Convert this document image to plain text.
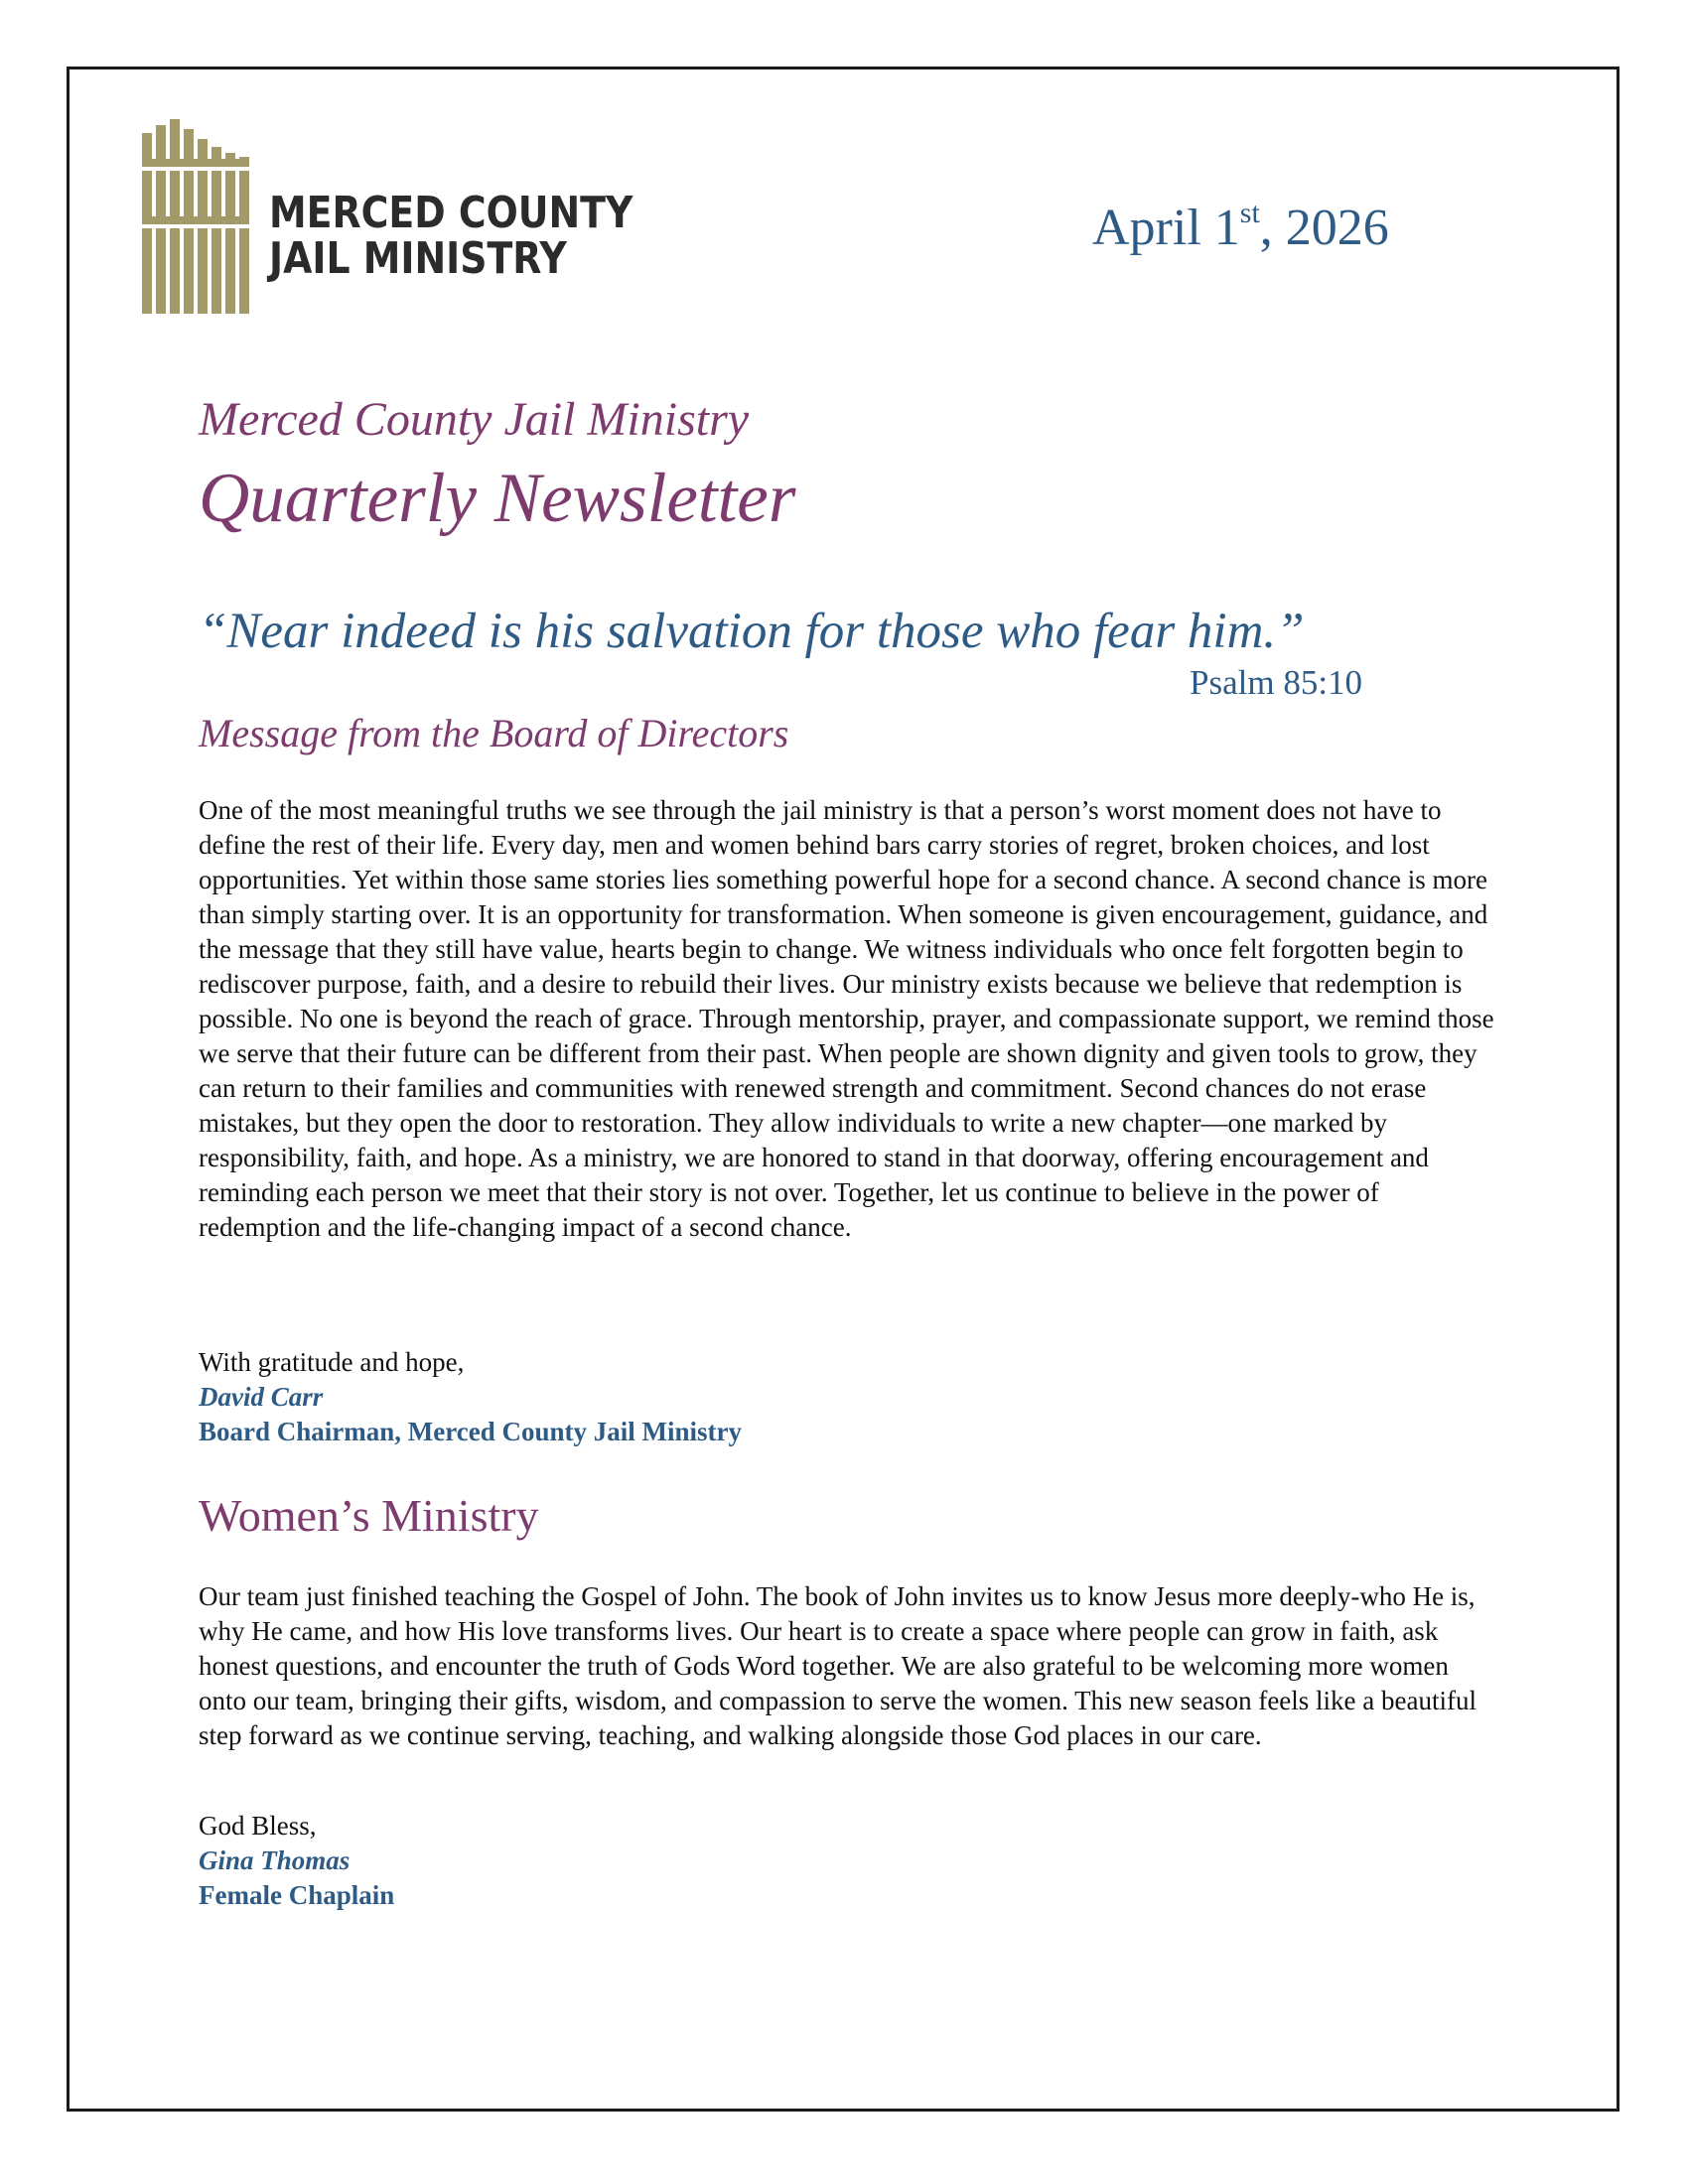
MERCED COUNTY
JAIL MINISTRY
April 1st, 2026
Merced County Jail Ministry
Quarterly Newsletter
“Near indeed is his salvation for those who fear him.”
Psalm 85:10
Message from the Board of Directors

One of the most meaningful truths we see through the jail ministry is that a person’s worst moment does not have to define the rest of their life. Every day, men and women behind bars carry stories of regret, broken choices, and lost opportunities. Yet within those same stories lies something powerful hope for a second chance. A second chance is more than simply starting over. It is an opportunity for transformation. When someone is given encouragement, guidance, and the message that they still have value, hearts begin to change. We witness individuals who once felt forgotten begin to rediscover purpose, faith, and a desire to rebuild their lives. Our ministry exists because we believe that redemption is possible. No one is beyond the reach of grace. Through mentorship, prayer, and compassionate support, we remind those we serve that their future can be different from their past. When people are shown dignity and given tools to grow, they can return to their families and communities with renewed strength and commitment. Second chances do not erase mistakes, but they open the door to restoration. They allow individuals to write a new chapter—one marked by responsibility, faith, and hope. As a ministry, we are honored to stand in that doorway, offering encouragement and reminding each person we meet that their story is not over. Together, let us continue to believe in the power of redemption and the life-changing impact of a second chance.

With gratitude and hope,
David Carr
Board Chairman, Merced County Jail Ministry
Women’s Ministry

Our team just finished teaching the Gospel of John. The book of John invites us to know Jesus more deeply-who He is, why He came, and how His love transforms lives. Our heart is to create a space where people can grow in faith, ask honest questions, and encounter the truth of Gods Word together. We are also grateful to be welcoming more women onto our team, bringing their gifts, wisdom, and compassion to serve the women. This new season feels like a beautiful step forward as we continue serving, teaching, and walking alongside those God places in our care.

God Bless,
Gina Thomas
Female Chaplain
